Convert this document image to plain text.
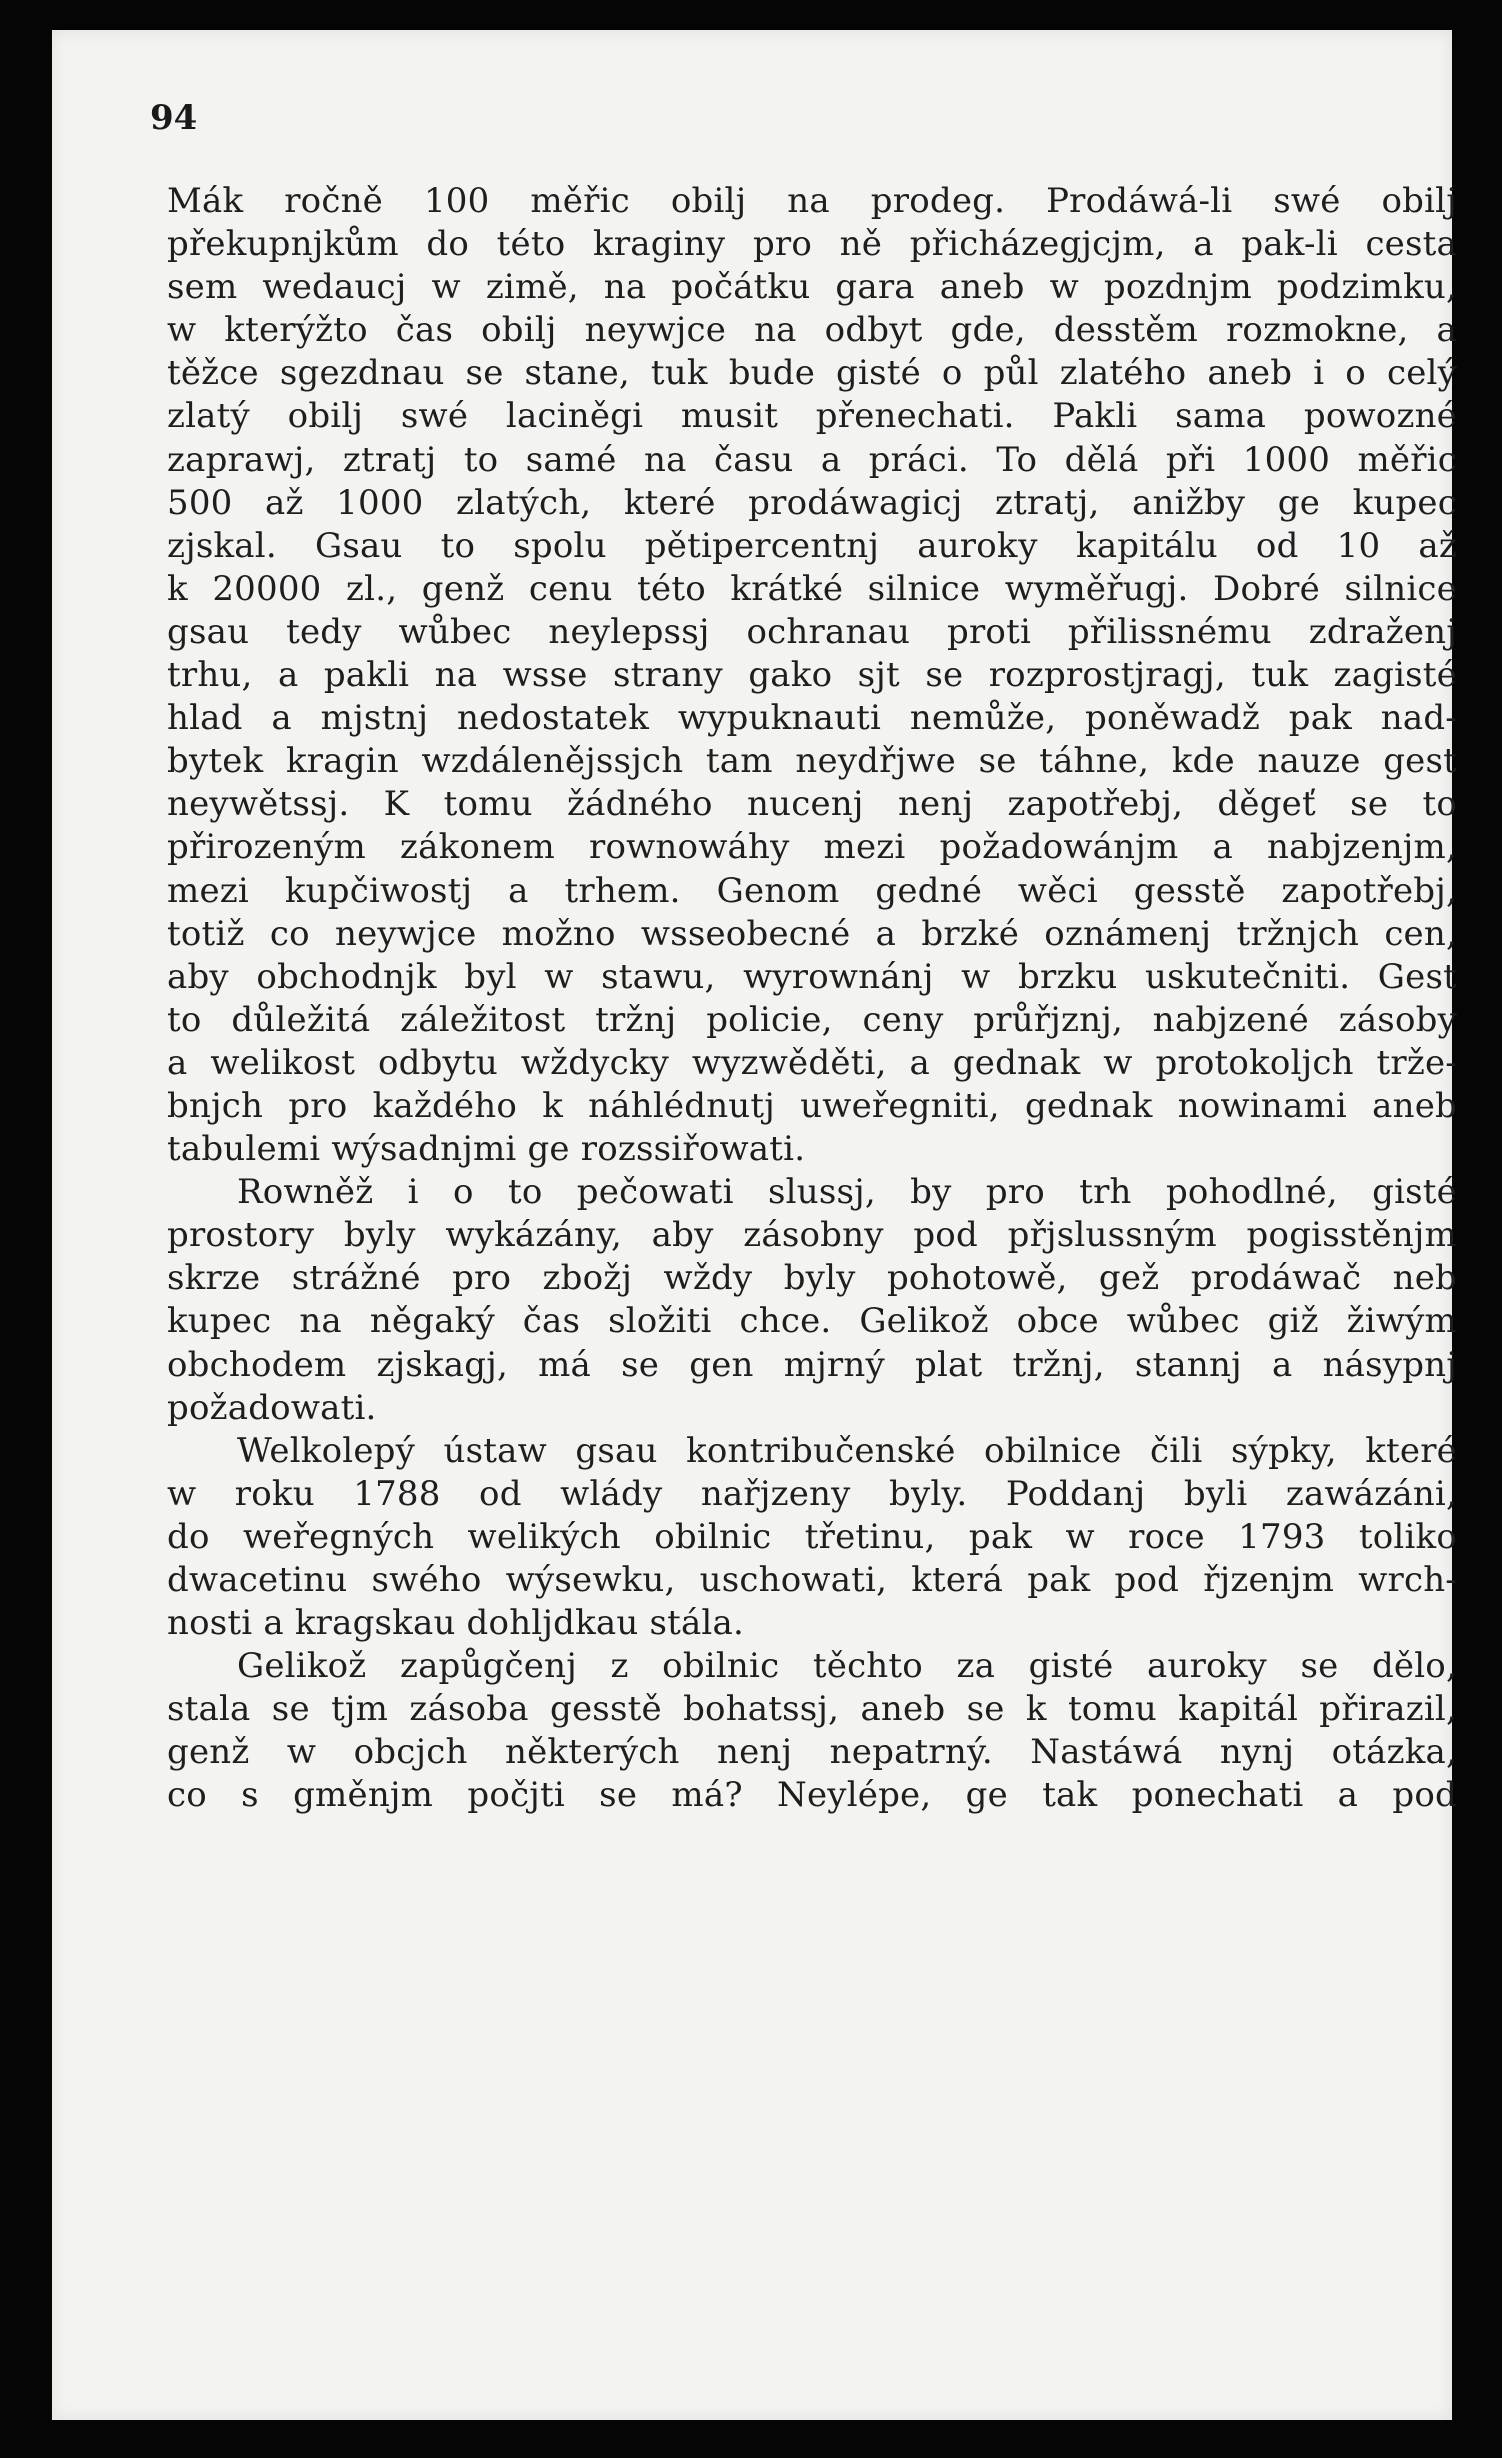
94
Mák ročně 100 měřic obilj na prodeg. Prodáwá-li swé obilj
překupnjkům do této kraginy pro ně přicházegjcjm, a pak-li cesta
sem wedaucj w zimě, na počátku gara aneb w pozdnjm podzimku,
w kterýžto čas obilj neywjce na odbyt gde, desstěm rozmokne, a
těžce sgezdnau se stane, tuk bude gisté o půl zlatého aneb i o celý
zlatý obilj swé laciněgi musit přenechati. Pakli sama powozné
zaprawj, ztratj to samé na času a práci. To dělá při 1000 měřic
500 až 1000 zlatých, které prodáwagicj ztratj, anižby ge kupec
zjskal. Gsau to spolu pětipercentnj aurokу kapitálu od 10 až
k 20000 zl., genž cenu této krátké silnice wyměřugj. Dobré silnice
gsau tedy wůbec neylepssj ochranau proti přilissnému zdraženj
trhu, a pakli na wsse strany gako sjt se rozprostjragj, tuk zagisté
hlad a mjstnj nedostatek wypuknauti nemůže, poněwadž pak nad-
bytek kragin wzdálenějssjch tam neydřjwe se táhne, kde nauze gest
neywětssj. K tomu žádného nucenj nenj zapotřebj, děgeť se to
přirozeným zákonem rownowáhy mezi požadowánjm a nabjzenjm,
mezi kupčiwostj a trhem. Genom gedné wěci gesstě zapotřebj,
totiž co neywjce možno wsseobecné a brzké oznámenj tržnjch cen,
aby obchodnjk byl w stawu, wyrownánj w brzku uskutečniti. Gest
to důležitá záležitost tržnj policie, ceny průřjznj, nabjzené zásoby
a welikost odbytu wždycky wyzwěděti, a gednak w protokoljch trže-
bnjch pro každého k náhlédnutj uweřegniti, gednak nowinami aneb
tabulemi wýsadnjmi ge rozssiřowati.
Rowněž i o to pečowati slussj, by pro trh pohodlné, gisté
prostory byly wykázány, aby zásobny pod přjslussným pogisstěnjm
skrze strážné pro zbožj wždy byly pohotowě, gež prodáwač neb
kupec na něgaký čas složiti chce. Gelikož obce wůbec giž žiwým
obchodem zjskagj, má se gen mjrný plat tržnj, stannj a násypnj
požadowati.
Welkolepý ústaw gsau kontribučenské obilnice čili sýpky, které
w roku 1788 od wlády nařjzeny byly. Poddanj byli zawázáni,
do weřegných welikých obilnic třetinu, pak w roce 1793 toliko
dwacetinu swého wýsewku, uschowati, která pak pod řjzenjm wrch-
nosti a kragskau dohljdkau stála.
Gelikož zapůgčenj z obilnic těchto za gisté auroky se dělo,
stala se tjm zásoba gesstě bohatssj, aneb se k tomu kapitál přirazil,
genž w obcjch některých nenj nepatrný. Nastáwá nynj otázka,
co s gměnjm počjti se má? Neylépe, ge tak ponechati a pod
